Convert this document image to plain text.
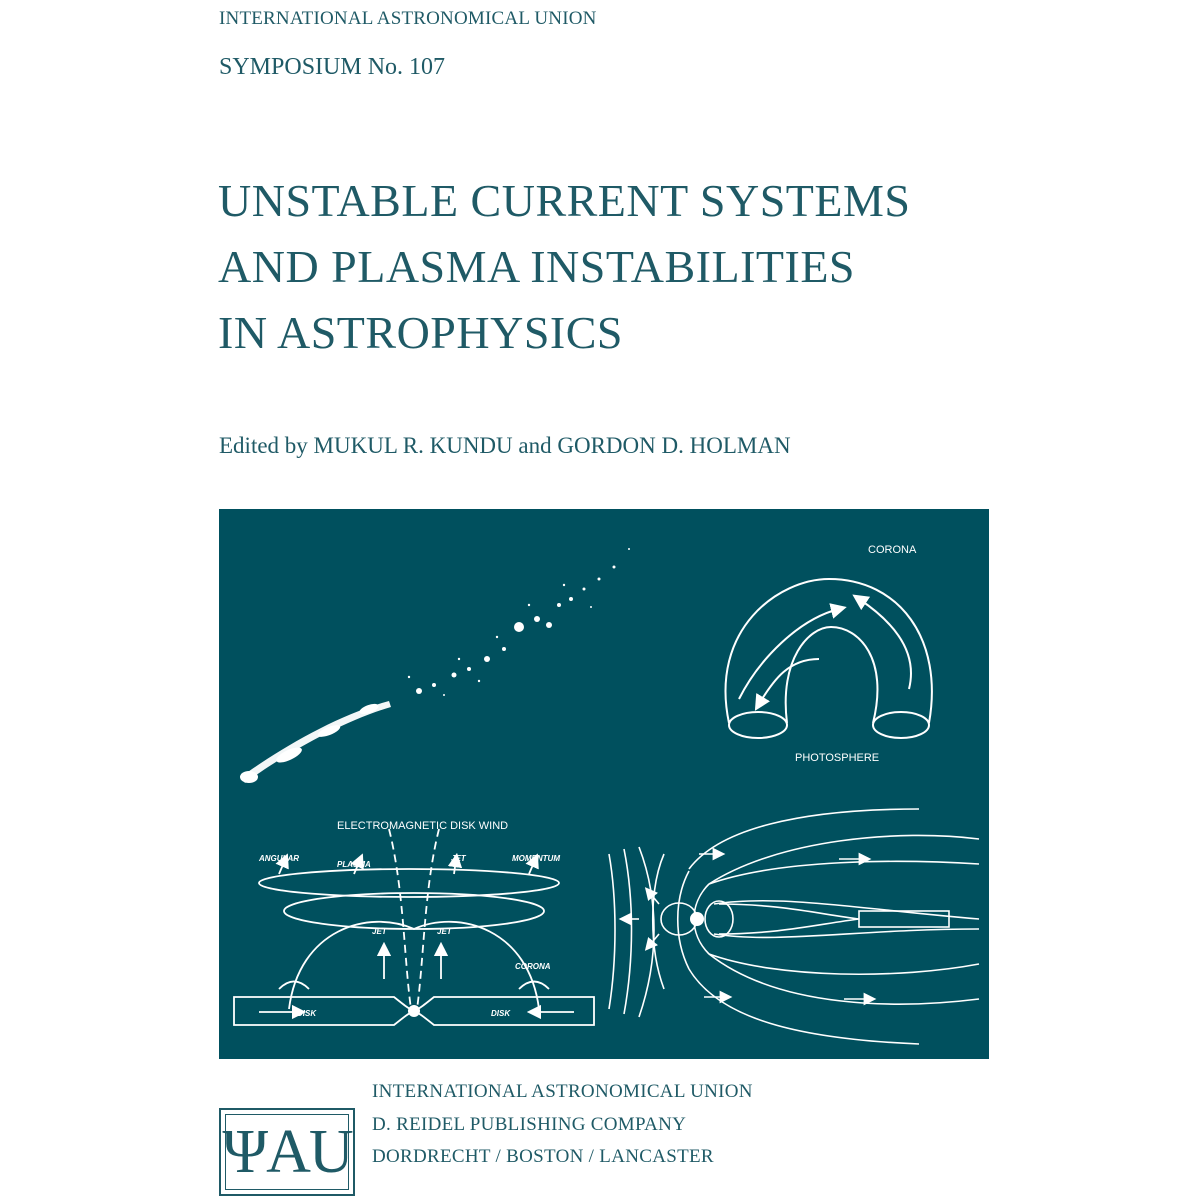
INTERNATIONAL ASTRONOMICAL UNION
SYMPOSIUM No. 107
UNSTABLE CURRENT SYSTEMS
AND PLASMA INSTABILITIES
IN ASTROPHYSICS
Edited by MUKUL R. KUNDU and GORDON D. HOLMAN
CORONA
PHOTOSPHERE
ELECTROMAGNETIC DISK WIND
ANGULAR
PLASMA
JET	MOMENTUM
JET	JET
CORONA
DISK	DISK
ΨAU
INTERNATIONAL ASTRONOMICAL UNION
D. REIDEL PUBLISHING COMPANY
DORDRECHT / BOSTON / LANCASTER
